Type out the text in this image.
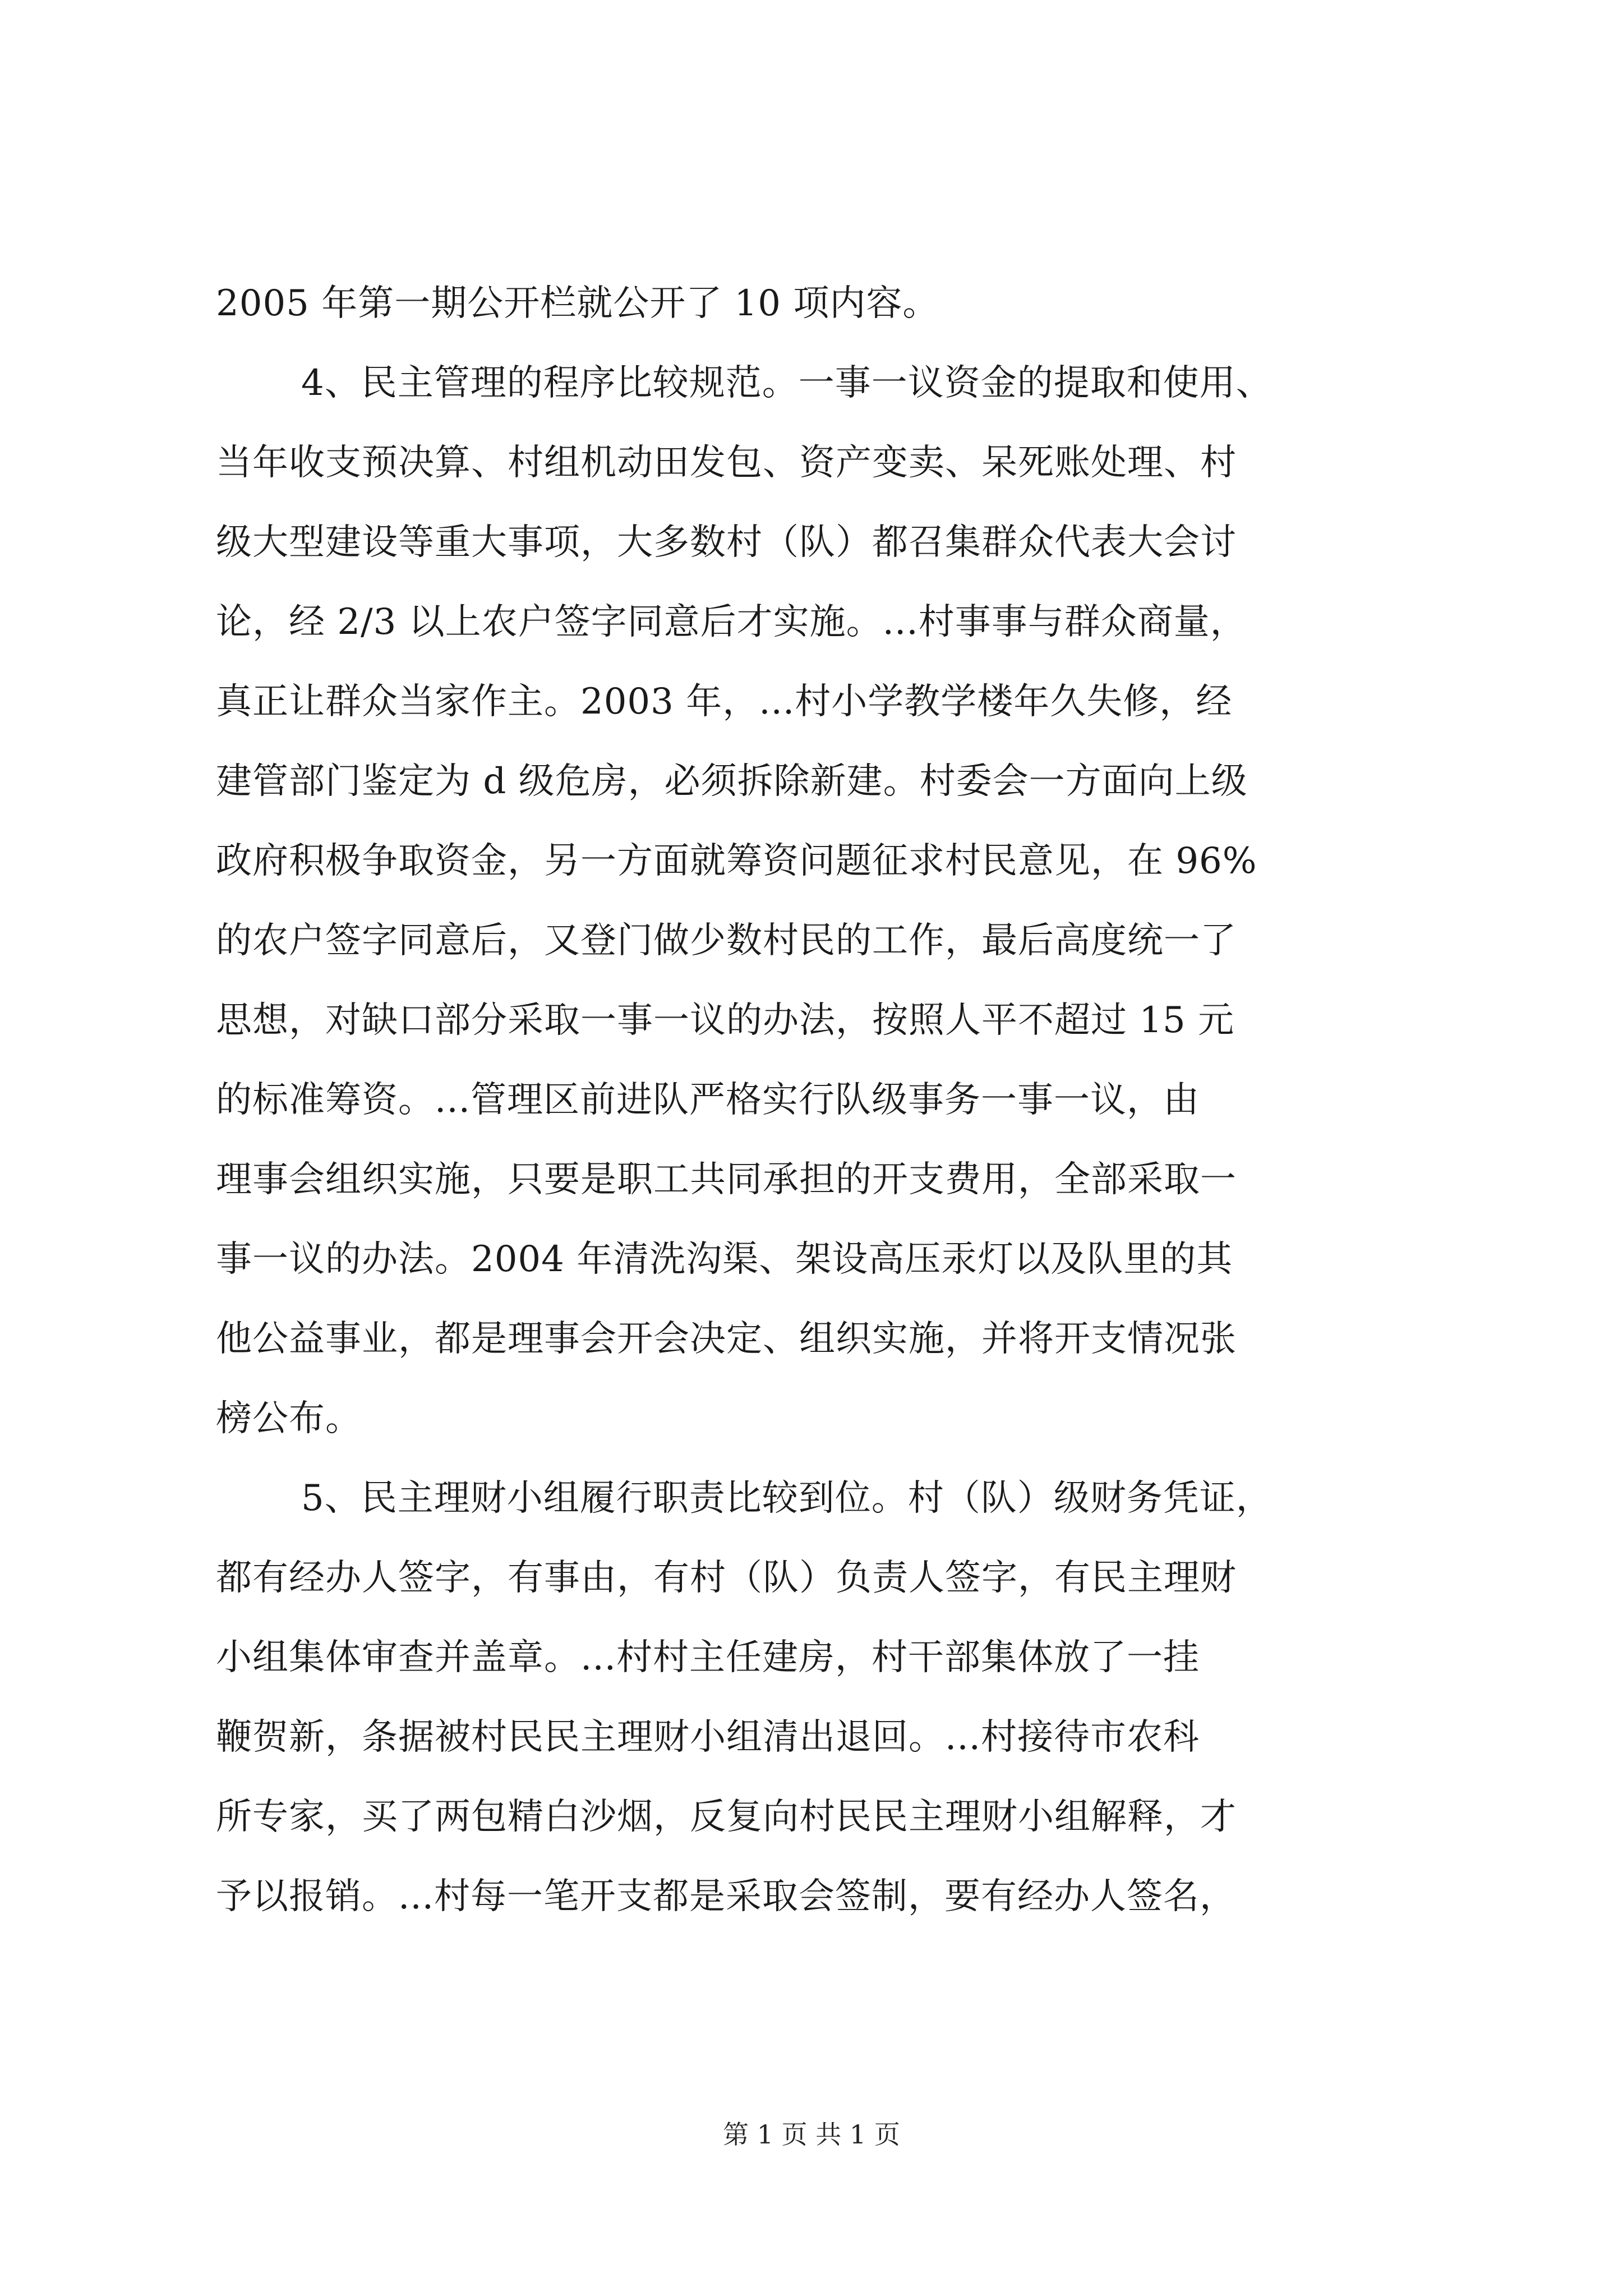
2005 年第一期公开栏就公开了 10 项内容。
4、民主管理的程序比较规范。一事一议资金的提取和使用、
当年收支预决算、村组机动田发包、资产变卖、呆死账处理、村
级大型建设等重大事项，大多数村（队）都召集群众代表大会讨
论，经 2/3 以上农户签字同意后才实施。...村事事与群众商量，
真正让群众当家作主。2003 年，...村小学教学楼年久失修，经
建管部门鉴定为 d 级危房，必须拆除新建。村委会一方面向上级
政府积极争取资金，另一方面就筹资问题征求村民意见，在 96%
的农户签字同意后，又登门做少数村民的工作，最后高度统一了
思想，对缺口部分采取一事一议的办法，按照人平不超过 15 元
的标准筹资。...管理区前进队严格实行队级事务一事一议，由
理事会组织实施，只要是职工共同承担的开支费用，全部采取一
事一议的办法。2004 年清洗沟渠、架设高压汞灯以及队里的其
他公益事业，都是理事会开会决定、组织实施，并将开支情况张
榜公布。
5、民主理财小组履行职责比较到位。村（队）级财务凭证，
都有经办人签字，有事由，有村（队）负责人签字，有民主理财
小组集体审查并盖章。...村村主任建房，村干部集体放了一挂
鞭贺新，条据被村民民主理财小组清出退回。...村接待市农科
所专家，买了两包精白沙烟，反复向村民民主理财小组解释，才
予以报销。...村每一笔开支都是采取会签制，要有经办人签名，
第 1 页 共 1 页
